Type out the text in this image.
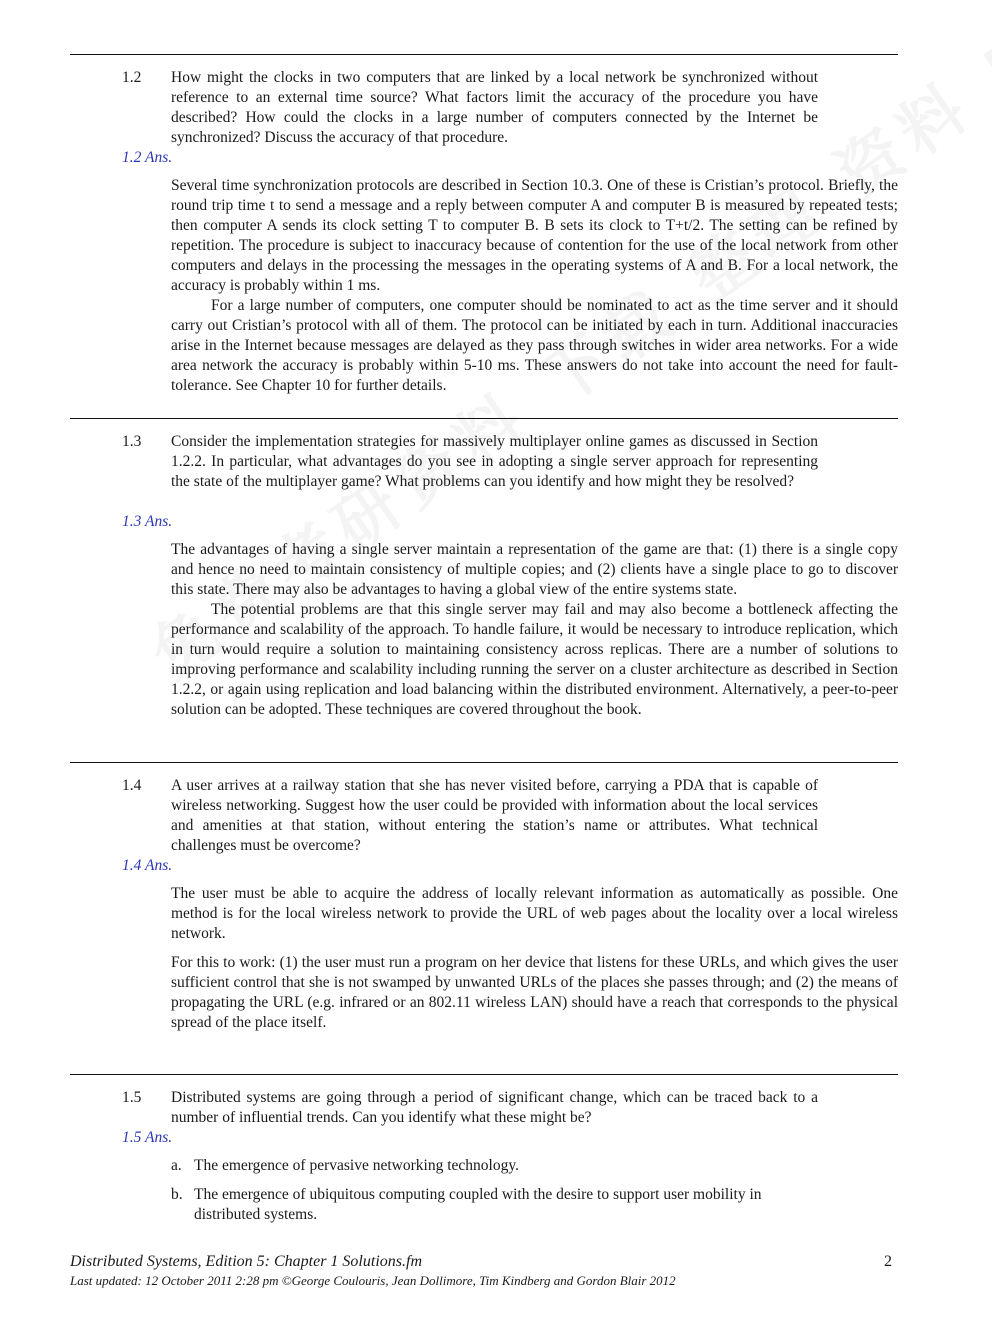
1.2 How might the clocks in two computers that are linked by a local network be synchronized without reference to an external time source? What factors limit the accuracy of the procedure you have described? How could the clocks in a large number of computers connected by the Internet be synchronized? Discuss the accuracy of that procedure.
1.2 Ans.

Several time synchronization protocols are described in Section 10.3. One of these is Cristian’s protocol. Briefly, the round trip time t to send a message and a reply between computer A and computer B is measured by repeated tests; then computer A sends its clock setting T to computer B. B sets its clock to T+t/2. The setting can be refined by repetition. The procedure is subject to inaccuracy because of contention for the use of the local network from other computers and delays in the processing the messages in the operating systems of A and B. For a local network, the accuracy is probably within 1 ms.

For a large number of computers, one computer should be nominated to act as the time server and it should carry out Cristian’s protocol with all of them. The protocol can be initiated by each in turn. Additional inaccuracies arise in the Internet because messages are delayed as they pass through switches in wider area networks. For a wide area network the accuracy is probably within 5-10 ms. These answers do not take into account the need for fault-tolerance. See Chapter 10 for further details.

1.3 Consider the implementation strategies for massively multiplayer online games as discussed in Section 1.2.2. In particular, what advantages do you see in adopting a single server approach for representing the state of the multiplayer game? What problems can you identify and how might they be resolved?
1.3 Ans.

The advantages of having a single server maintain a representation of the game are that: (1) there is a single copy and hence no need to maintain consistency of multiple copies; and (2) clients have a single place to go to discover this state. There may also be advantages to having a global view of the entire systems state.

The potential problems are that this single server may fail and may also become a bottleneck affecting the performance and scalability of the approach. To handle failure, it would be necessary to introduce replication, which in turn would require a solution to maintaining consistency across replicas. There are a number of solutions to improving performance and scalability including running the server on a cluster architecture as described in Section 1.2.2, or again using replication and load balancing within the distributed environment. Alternatively, a peer-to-peer solution can be adopted. These techniques are covered throughout the book.

1.4 A user arrives at a railway station that she has never visited before, carrying a PDA that is capable of wireless networking. Suggest how the user could be provided with information about the local services and amenities at that station, without entering the station’s name or attributes. What technical challenges must be overcome?
1.4 Ans.
The user must be able to acquire the address of locally relevant information as automatically as possible. One method is for the local wireless network to provide the URL of web pages about the locality over a local wireless network.
For this to work: (1) the user must run a program on her device that listens for these URLs, and which gives the user sufficient control that she is not swamped by unwanted URLs of the places she passes through; and (2) the means of propagating the URL (e.g. infrared or an 802.11 wireless LAN) should have a reach that corresponds to the physical spread of the place itself.
1.5 Distributed systems are going through a period of significant change, which can be traced back to a number of influential trends. Can you identify what these might be?
1.5 Ans.
a. The emergence of pervasive networking technology.
b. The emergence of ubiquitous computing coupled with the desire to support user mobility in distributed systems.
Distributed Systems, Edition 5: Chapter 1 Solutions.fm	2
Last updated: 12 October 2011 2:28 pm ©George Coulouris, Jean Dollimore, Tim Kindberg and Gordon Blair 2012
